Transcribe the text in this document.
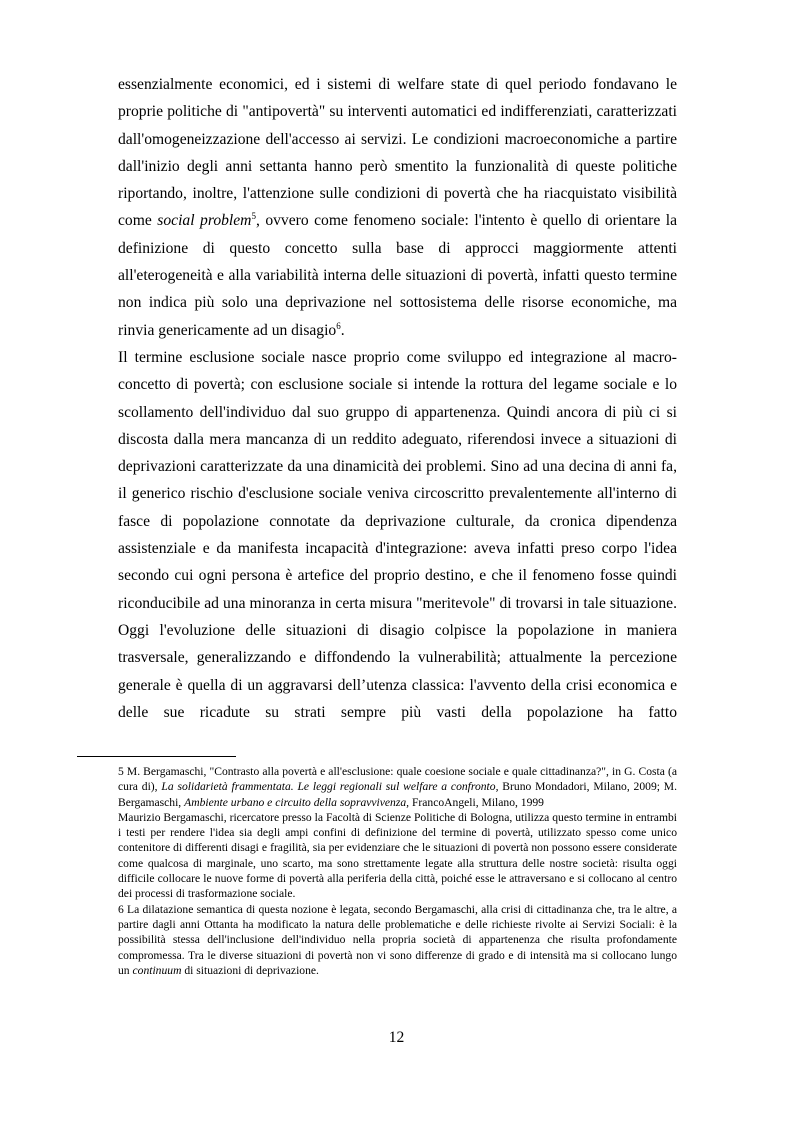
essenzialmente economici, ed i sistemi di welfare state di quel periodo fondavano le proprie politiche di "antipovertà" su interventi automatici ed indifferenziati, caratterizzati dall'omogeneizzazione dell'accesso ai servizi. Le condizioni macroeconomiche a partire dall'inizio degli anni settanta hanno però smentito la funzionalità di queste politiche riportando, inoltre, l'attenzione sulle condizioni di povertà che ha riacquistato visibilità come social problem$^5$, ovvero come fenomeno sociale: l'intento è quello di orientare la definizione di questo concetto sulla base di approcci maggiormente attenti all'eterogeneità e alla variabilità interna delle situazioni di povertà, infatti questo termine non indica più solo una deprivazione nel sottosistema delle risorse economiche, ma rinvia genericamente ad un disagio$^6$.

Il termine esclusione sociale nasce proprio come sviluppo ed integrazione al macro-concetto di povertà; con esclusione sociale si intende la rottura del legame sociale e lo scollamento dell'individuo dal suo gruppo di appartenenza. Quindi ancora di più ci si discosta dalla mera mancanza di un reddito adeguato, riferendosi invece a situazioni di deprivazioni caratterizzate da una dinamicità dei problemi. Sino ad una decina di anni fa, il generico rischio d'esclusione sociale veniva circoscritto prevalentemente all'interno di fasce di popolazione connotate da deprivazione culturale, da cronica dipendenza assistenziale e da manifesta incapacità d'integrazione: aveva infatti preso corpo l'idea secondo cui ogni persona è artefice del proprio destino, e che il fenomeno fosse quindi riconducibile ad una minoranza in certa misura "meritevole" di trovarsi in tale situazione. Oggi l'evoluzione delle situazioni di disagio colpisce la popolazione in maniera trasversale, generalizzando e diffondendo la vulnerabilità; attualmente la percezione generale è quella di un aggravarsi dell’utenza classica: l'avvento della crisi economica e delle sue ricadute su strati sempre più vasti della popolazione ha fatto

5 M. Bergamaschi, "Contrasto alla povertà e all'esclusione: quale coesione sociale e quale cittadinanza?", in G. Costa (a cura di), La solidarietà frammentata. Le leggi regionali sul welfare a confronto, Bruno Mondadori, Milano, 2009; M. Bergamaschi, Ambiente urbano e circuito della sopravvivenza, FrancoAngeli, Milano, 1999

Maurizio Bergamaschi, ricercatore presso la Facoltà di Scienze Politiche di Bologna, utilizza questo termine in entrambi i testi per rendere l'idea sia degli ampi confini di definizione del termine di povertà, utilizzato spesso come unico contenitore di differenti disagi e fragilità, sia per evidenziare che le situazioni di povertà non possono essere considerate come qualcosa di marginale, uno scarto, ma sono strettamente legate alla struttura delle nostre società: risulta oggi difficile collocare le nuove forme di povertà alla periferia della città, poiché esse le attraversano e si collocano al centro dei processi di trasformazione sociale.

6 La dilatazione semantica di questa nozione è legata, secondo Bergamaschi, alla crisi di cittadinanza che, tra le altre, a partire dagli anni Ottanta ha modificato la natura delle problematiche e delle richieste rivolte ai Servizi Sociali: è la possibilità stessa dell'inclusione dell'individuo nella propria società di appartenenza che risulta profondamente compromessa. Tra le diverse situazioni di povertà non vi sono differenze di grado e di intensità ma si collocano lungo un continuum di situazioni di deprivazione.

12
